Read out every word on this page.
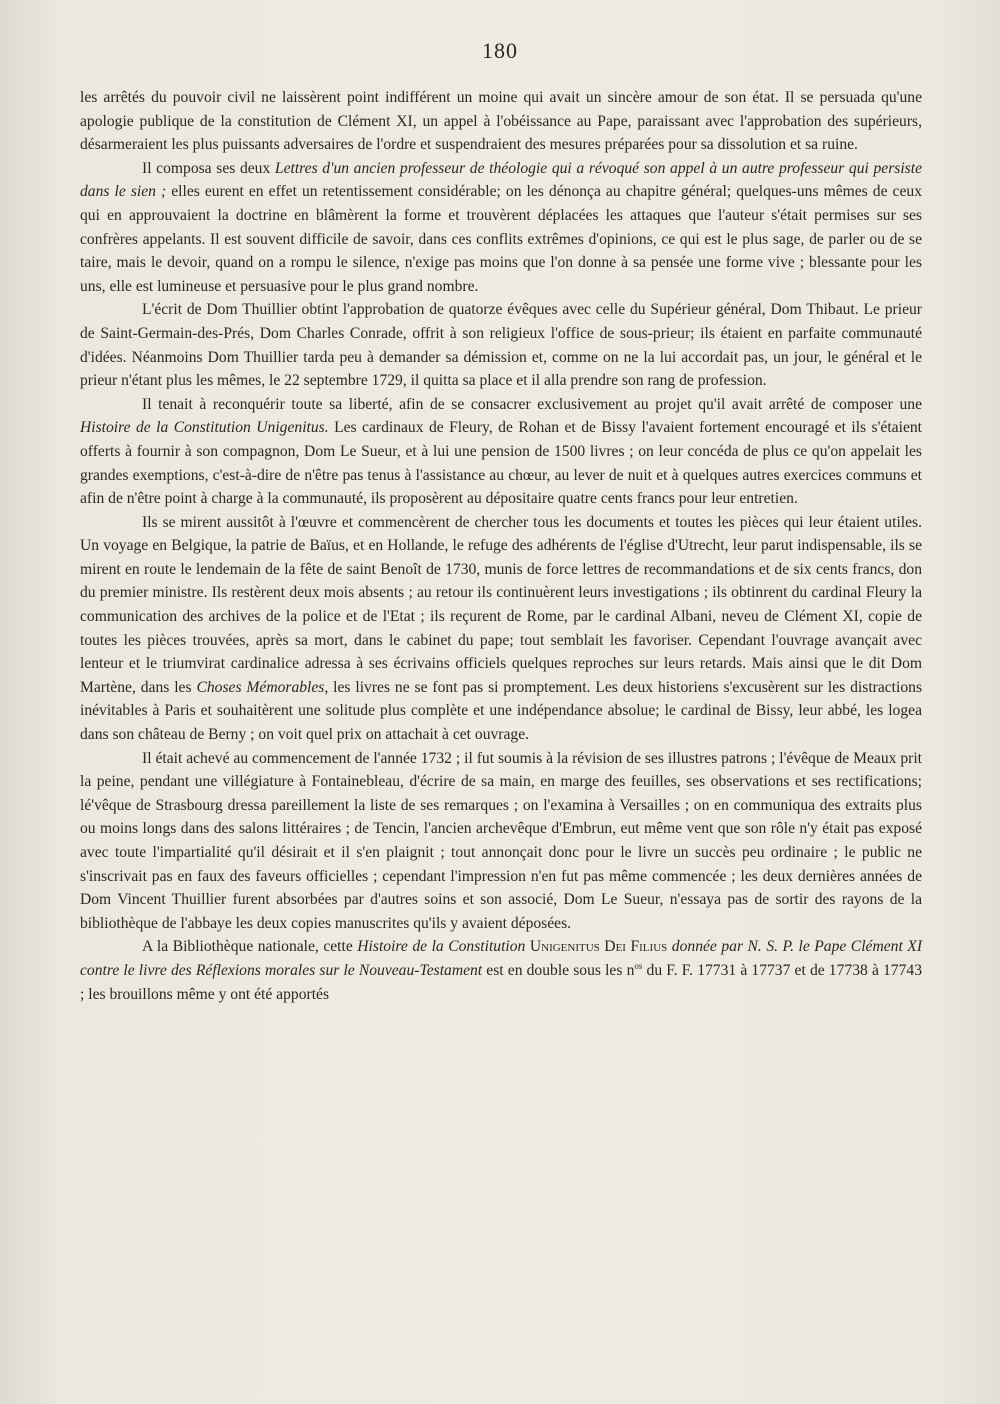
180

les arrêtés du pouvoir civil ne laissèrent point indifférent un moine qui avait un sincère amour de son état. Il se persuada qu'une apologie publique de la constitution de Clément XI, un appel à l'obéissance au Pape, paraissant avec l'approbation des supérieurs, désarmeraient les plus puissants adversaires de l'ordre et suspendraient des mesures préparées pour sa dissolution et sa ruine.

Il composa ses deux Lettres d'un ancien professeur de théologie qui a révoqué son appel à un autre professeur qui persiste dans le sien ; elles eurent en effet un retentissement considérable; on les dénonça au chapitre général; quelques-uns mêmes de ceux qui en approuvaient la doctrine en blâmèrent la forme et trouvèrent déplacées les attaques que l'auteur s'était permises sur ses confrères appelants. Il est souvent difficile de savoir, dans ces conflits extrêmes d'opinions, ce qui est le plus sage, de parler ou de se taire, mais le devoir, quand on a rompu le silence, n'exige pas moins que l'on donne à sa pensée une forme vive ; blessante pour les uns, elle est lumineuse et persuasive pour le plus grand nombre.

L'écrit de Dom Thuillier obtint l'approbation de quatorze évêques avec celle du Supérieur général, Dom Thibaut. Le prieur de Saint-Germain-des-Prés, Dom Charles Conrade, offrit à son religieux l'office de sous-prieur; ils étaient en parfaite communauté d'idées. Néanmoins Dom Thuillier tarda peu à demander sa démission et, comme on ne la lui accordait pas, un jour, le général et le prieur n'étant plus les mêmes, le 22 septembre 1729, il quitta sa place et il alla prendre son rang de profession.

Il tenait à reconquérir toute sa liberté, afin de se consacrer exclusivement au projet qu'il avait arrêté de composer une Histoire de la Constitution Unigenitus. Les cardinaux de Fleury, de Rohan et de Bissy l'avaient fortement encouragé et ils s'étaient offerts à fournir à son compagnon, Dom Le Sueur, et à lui une pension de 1500 livres ; on leur concéda de plus ce qu'on appelait les grandes exemptions, c'est-à-dire de n'être pas tenus à l'assistance au chœur, au lever de nuit et à quelques autres exercices communs et afin de n'être point à charge à la communauté, ils proposèrent au dépositaire quatre cents francs pour leur entretien.

Ils se mirent aussitôt à l'œuvre et commencèrent de chercher tous les documents et toutes les pièces qui leur étaient utiles. Un voyage en Belgique, la patrie de Baïus, et en Hollande, le refuge des adhérents de l'église d'Utrecht, leur parut indispensable, ils se mirent en route le lendemain de la fête de saint Benoît de 1730, munis de force lettres de recommandations et de six cents francs, don du premier ministre. Ils restèrent deux mois absents ; au retour ils continuèrent leurs investigations ; ils obtinrent du cardinal Fleury la communication des archives de la police et de l'Etat ; ils reçurent de Rome, par le cardinal Albani, neveu de Clément XI, copie de toutes les pièces trouvées, après sa mort, dans le cabinet du pape; tout semblait les favoriser. Cependant l'ouvrage avançait avec lenteur et le triumvirat cardinalice adressa à ses écrivains officiels quelques reproches sur leurs retards. Mais ainsi que le dit Dom Martène, dans les Choses Mémorables, les livres ne se font pas si promptement. Les deux historiens s'excusèrent sur les distractions inévitables à Paris et souhaitèrent une solitude plus complète et une indépendance absolue; le cardinal de Bissy, leur abbé, les logea dans son château de Berny ; on voit quel prix on attachait à cet ouvrage.

Il était achevé au commencement de l'année 1732 ; il fut soumis à la révision de ses illustres patrons ; l'évêque de Meaux prit la peine, pendant une villégiature à Fontainebleau, d'écrire de sa main, en marge des feuilles, ses observations et ses rectifications; lé'vêque de Strasbourg dressa pareillement la liste de ses remarques ; on l'examina à Versailles ; on en communiqua des extraits plus ou moins longs dans des salons littéraires ; de Tencin, l'ancien archevêque d'Embrun, eut même vent que son rôle n'y était pas exposé avec toute l'impartialité qu'il désirait et il s'en plaignit ; tout annonçait donc pour le livre un succès peu ordinaire ; le public ne s'inscrivait pas en faux des faveurs officielles ; cependant l'impression n'en fut pas même commencée ; les deux dernières années de Dom Vincent Thuillier furent absorbées par d'autres soins et son associé, Dom Le Sueur, n'essaya pas de sortir des rayons de la bibliothèque de l'abbaye les deux copies manuscrites qu'ils y avaient déposées.

A la Bibliothèque nationale, cette Histoire de la Constitution Unigenitus Dei Filius donnée par N. S. P. le Pape Clément XI contre le livre des Réflexions morales sur le Nouveau-Testament est en double sous les $n^{os}$ du F. F. 17731 à 17737 et de 17738 à 17743 ; les brouillons même y ont été apportés
